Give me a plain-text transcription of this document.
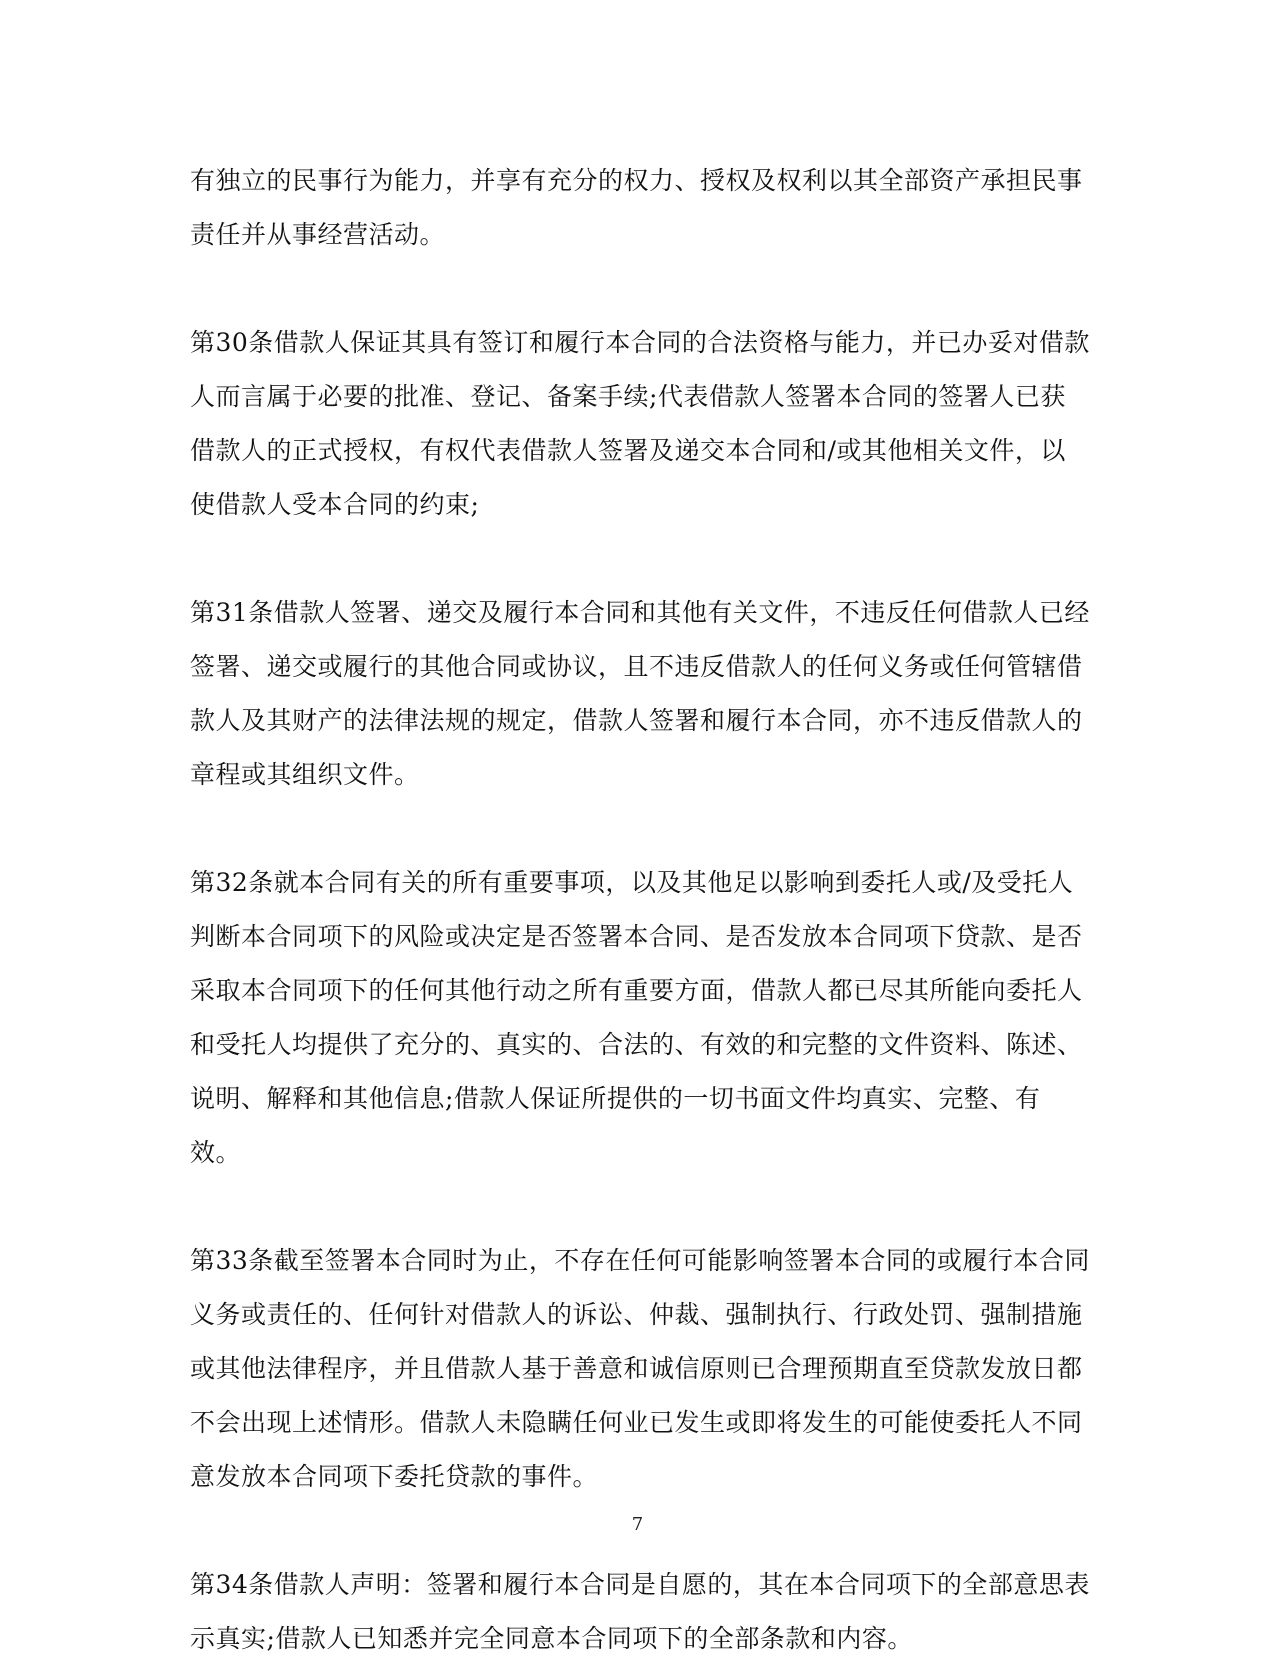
有独立的民事行为能力，并享有充分的权力、授权及权利以其全部资产承担民事责任并从事经营活动。

第30条借款人保证其具有签订和履行本合同的合法资格与能力，并已办妥对借款人而言属于必要的批准、登记、备案手续;代表借款人签署本合同的签署人已获借款人的正式授权，有权代表借款人签署及递交本合同和/或其他相关文件，以使借款人受本合同的约束;

第31条借款人签署、递交及履行本合同和其他有关文件，不违反任何借款人已经签署、递交或履行的其他合同或协议，且不违反借款人的任何义务或任何管辖借款人及其财产的法律法规的规定，借款人签署和履行本合同，亦不违反借款人的章程或其组织文件。

第32条就本合同有关的所有重要事项，以及其他足以影响到委托人或/及受托人判断本合同项下的风险或决定是否签署本合同、是否发放本合同项下贷款、是否采取本合同项下的任何其他行动之所有重要方面，借款人都已尽其所能向委托人和受托人均提供了充分的、真实的、合法的、有效的和完整的文件资料、陈述、说明、解释和其他信息;借款人保证所提供的一切书面文件均真实、完整、有效。

第33条截至签署本合同时为止，不存在任何可能影响签署本合同的或履行本合同义务或责任的、任何针对借款人的诉讼、仲裁、强制执行、行政处罚、强制措施或其他法律程序，并且借款人基于善意和诚信原则已合理预期直至贷款发放日都不会出现上述情形。借款人未隐瞒任何业已发生或即将发生的可能使委托人不同意发放本合同项下委托贷款的事件。

第34条借款人声明：签署和履行本合同是自愿的，其在本合同项下的全部意思表示真实;借款人已知悉并完全同意本合同项下的全部条款和内容。

7
